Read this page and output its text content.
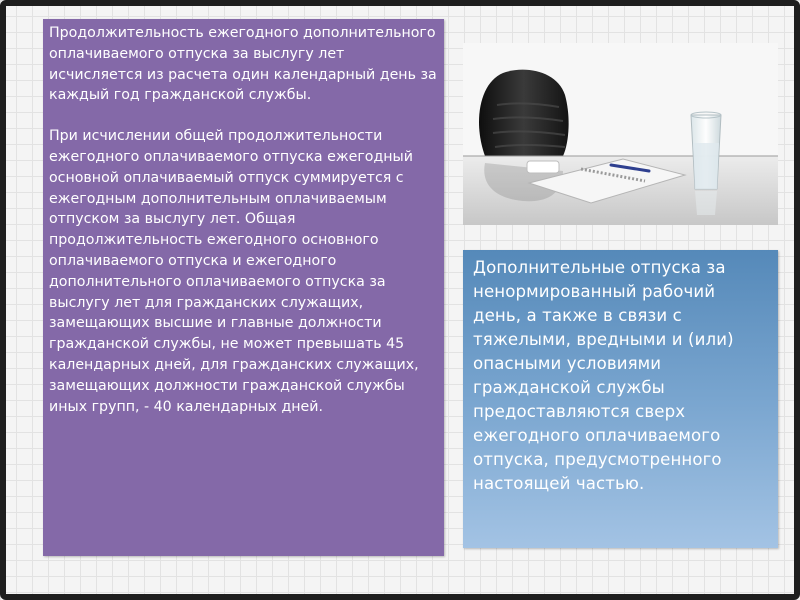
Продолжительность ежегодного дополнительного оплачиваемого отпуска за выслугу лет исчисляется из расчета один календарный день за каждый год гражданской службы.

При исчислении общей продолжительности ежегодного оплачиваемого отпуска ежегодный основной оплачиваемый отпуск суммируется с ежегодным дополнительным оплачиваемым отпуском за выслугу лет. Общая продолжительность ежегодного основного оплачиваемого отпуска и ежегодного дополнительного оплачиваемого отпуска за выслугу лет для гражданских служащих, замещающих высшие и главные должности гражданской службы, не может превышать 45 календарных дней, для гражданских служащих, замещающих должности гражданской службы иных групп, - 40 календарных дней.

Дополнительные отпуска за ненормированный рабочий день, а также в связи с тяжелыми, вредными и (или) опасными условиями гражданской службы предоставляются сверх ежегодного оплачиваемого отпуска, предусмотренного настоящей частью.
